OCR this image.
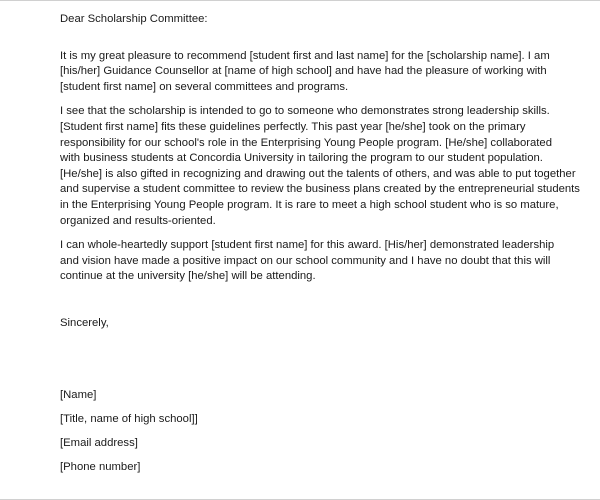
Dear Scholarship Committee:

It is my great pleasure to recommend [student first and last name] for the [scholarship name]. I am
[his/her] Guidance Counsellor at [name of high school] and have had the pleasure of working with
[student first name] on several committees and programs.

I see that the scholarship is intended to go to someone who demonstrates strong leadership skills.
[Student first name] fits these guidelines perfectly. This past year [he/she] took on the primary
responsibility for our school's role in the Enterprising Young People program. [He/she] collaborated
with business students at Concordia University in tailoring the program to our student population.
[He/she] is also gifted in recognizing and drawing out the talents of others, and was able to put together
and supervise a student committee to review the business plans created by the entrepreneurial students
in the Enterprising Young People program. It is rare to meet a high school student who is so mature,
organized and results-oriented.

I can whole-heartedly support [student first name] for this award. [His/her] demonstrated leadership
and vision have made a positive impact on our school community and I have no doubt that this will
continue at the university [he/she] will be attending.

Sincerely,
[Name]
[Title, name of high school]]
[Email address]
[Phone number]
